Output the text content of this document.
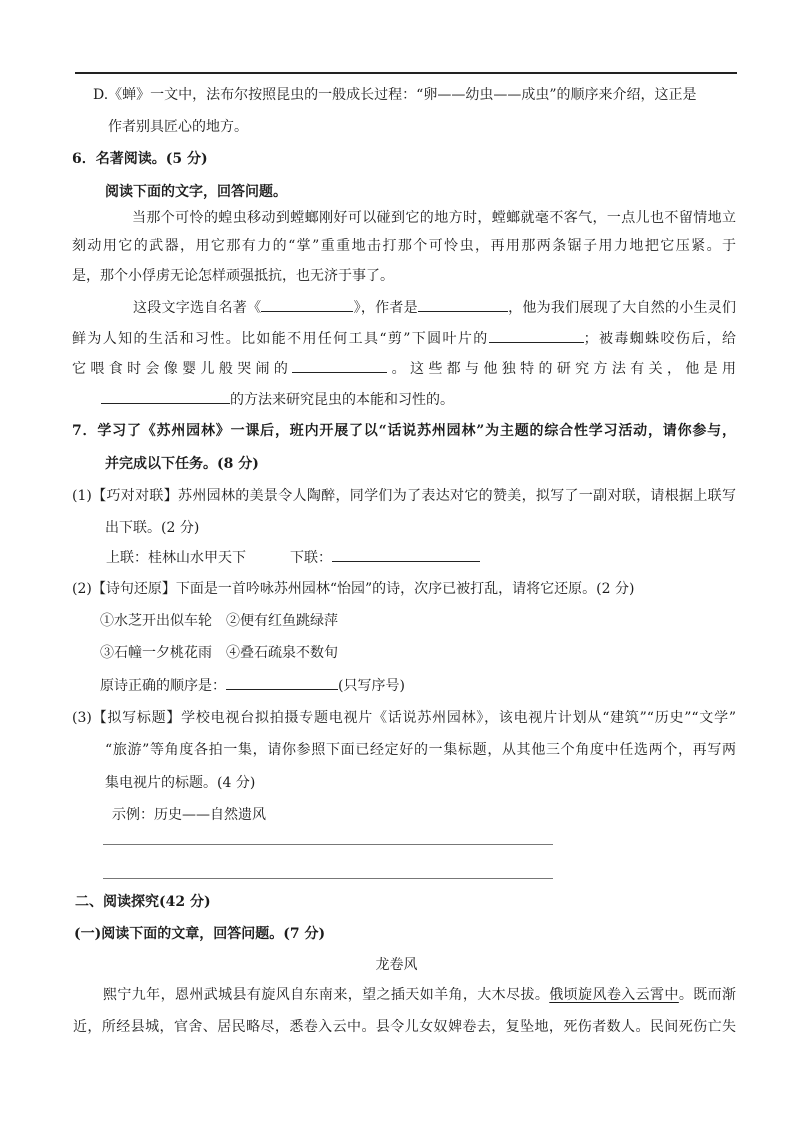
D.《蝉》一文中，法布尔按照昆虫的一般成长过程：“卵——幼虫——成虫”的顺序来介绍，这正是
作者别具匠心的地方。
6．名著阅读。(5 分)
阅读下面的文字，回答问题。
当那个可怜的蝗虫移动到螳螂刚好可以碰到它的地方时，螳螂就毫不客气，一点儿也不留情地立
刻动用它的武器，用它那有力的“掌”重重地击打那个可怜虫，再用那两条锯子用力地把它压紧。于
是，那个小俘虏无论怎样顽强抵抗，也无济于事了。
这段文字选自名著《	》，作者是	，他为我们展现了大自然的小生灵们
鲜为人知的生活和习性。比如能不用任何工具“剪”下圆叶片的	；被毒蜘蛛咬伤后，给
它喂食时会像婴儿般哭闹的	。这些都与他独特的研究方法有关，他是用
的方法来研究昆虫的本能和习性的。
7．学习了《苏州园林》一课后，班内开展了以“话说苏州园林”为主题的综合性学习活动，请你参与，
并完成以下任务。(8 分)
(1)【巧对对联】苏州园林的美景令人陶醉，同学们为了表达对它的赞美，拟写了一副对联，请根据上联写
出下联。(2 分)
上联：桂林山水甲天下	下联：
(2)【诗句还原】下面是一首吟咏苏州园林“怡园”的诗，次序已被打乱，请将它还原。(2 分)
①水芝开出似车轮　②便有红鱼跳绿萍
③石幢一夕桃花雨　④叠石疏泉不数旬
原诗正确的顺序是：	(只写序号)
(3)【拟写标题】学校电视台拟拍摄专题电视片《话说苏州园林》，该电视片计划从“建筑”“历史”“文学”
“旅游”等角度各拍一集，请你参照下面已经定好的一集标题，从其他三个角度中任选两个，再写两
集电视片的标题。(4 分)
示例：历史——自然遗风
二、阅读探究(42 分)
(一)阅读下面的文章，回答问题。(7 分)
龙卷风
熙宁九年，恩州武城县有旋风自东南来，望之插天如羊角，大木尽拔。俄顷旋风卷入云霄中。既而渐
近，所经县城，官舍、居民略尽，悉卷入云中。县令儿女奴婢卷去，复坠地，死伤者数人。民间死伤亡失
